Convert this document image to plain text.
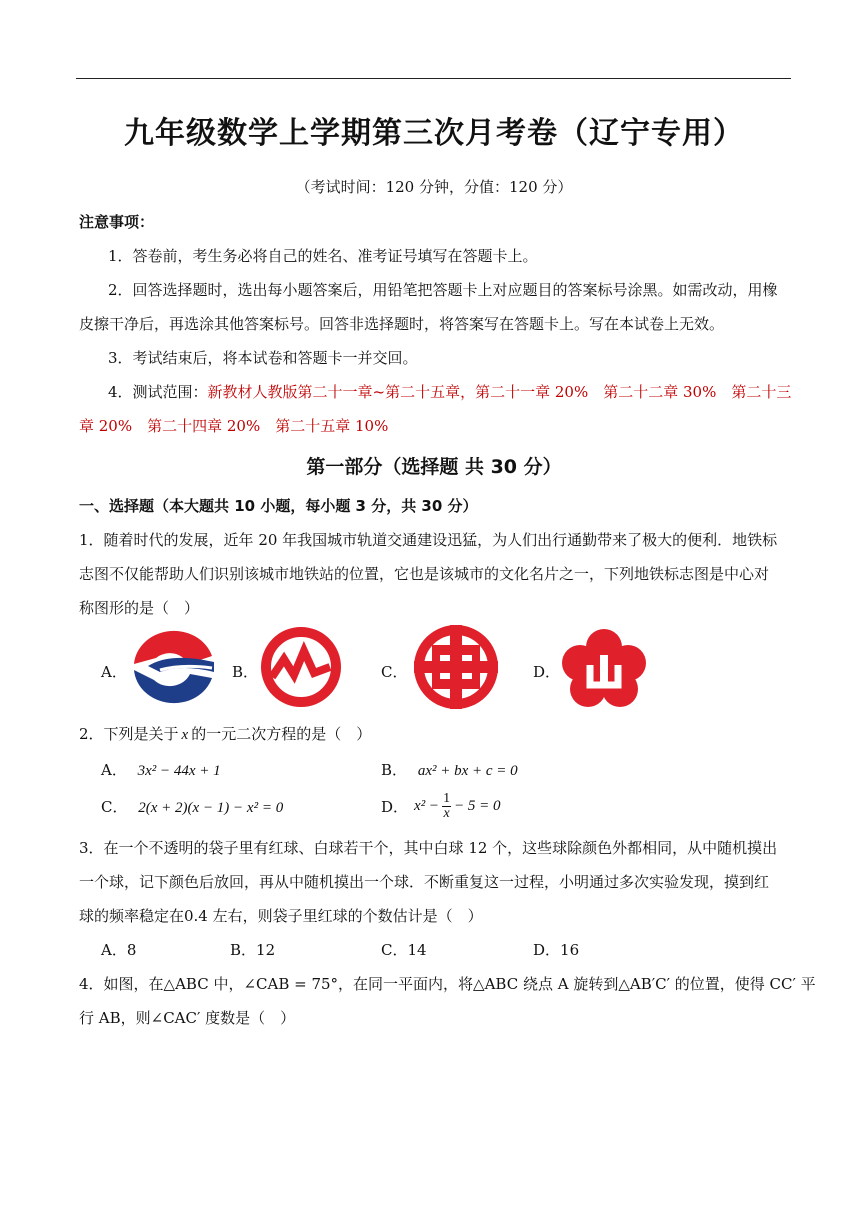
九年级数学上学期第三次月考卷（辽宁专用）
（考试时间：120 分钟，分值：120 分）
注意事项：
1．答卷前，考生务必将自己的姓名、准考证号填写在答题卡上。
2．回答选择题时，选出每小题答案后，用铅笔把答题卡上对应题目的答案标号涂黑。如需改动，用橡
皮擦干净后，再选涂其他答案标号。回答非选择题时，将答案写在答题卡上。写在本试卷上无效。
3．考试结束后，将本试卷和答题卡一并交回。
4．测试范围：新教材人教版第二十一章~第二十五章，第二十一章 20%　第二十二章 30%　第二十三
章 20%　第二十四章 20%　第二十五章 10%
第一部分（选择题 共 30 分）
一、选择题（本大题共 10 小题，每小题 3 分，共 30 分）
1．随着时代的发展，近年 20 年我国城市轨道交通建设迅猛，为人们出行通勤带来了极大的便利．地铁标
志图不仅能帮助人们识别该城市地铁站的位置，它也是该城市的文化名片之一，下列地铁标志图是中心对
称图形的是（　）
A．	B．	C．	D．
2．下列是关于 x 的一元二次方程的是（　）
A． 3x² − 44x + 1	B． ax² + bx + c = 0
C． 2(x + 2)(x − 1) − x² = 0	D． $x^2 - \frac{1}{x} - 5 = 0$
3．在一个不透明的袋子里有红球、白球若干个，其中白球 12 个，这些球除颜色外都相同，从中随机摸出
一个球，记下颜色后放回，再从中随机摸出一个球．不断重复这一过程，小明通过多次实验发现，摸到红
球的频率稳定在0.4 左右，则袋子里红球的个数估计是（　）
A．8	B．12	C．14	D．16
4．如图，在△ABC 中，∠CAB = 75°，在同一平面内，将△ABC 绕点 A 旋转到△AB′C′ 的位置，使得 CC′ 平
行 AB，则∠CAC′ 度数是（　）
